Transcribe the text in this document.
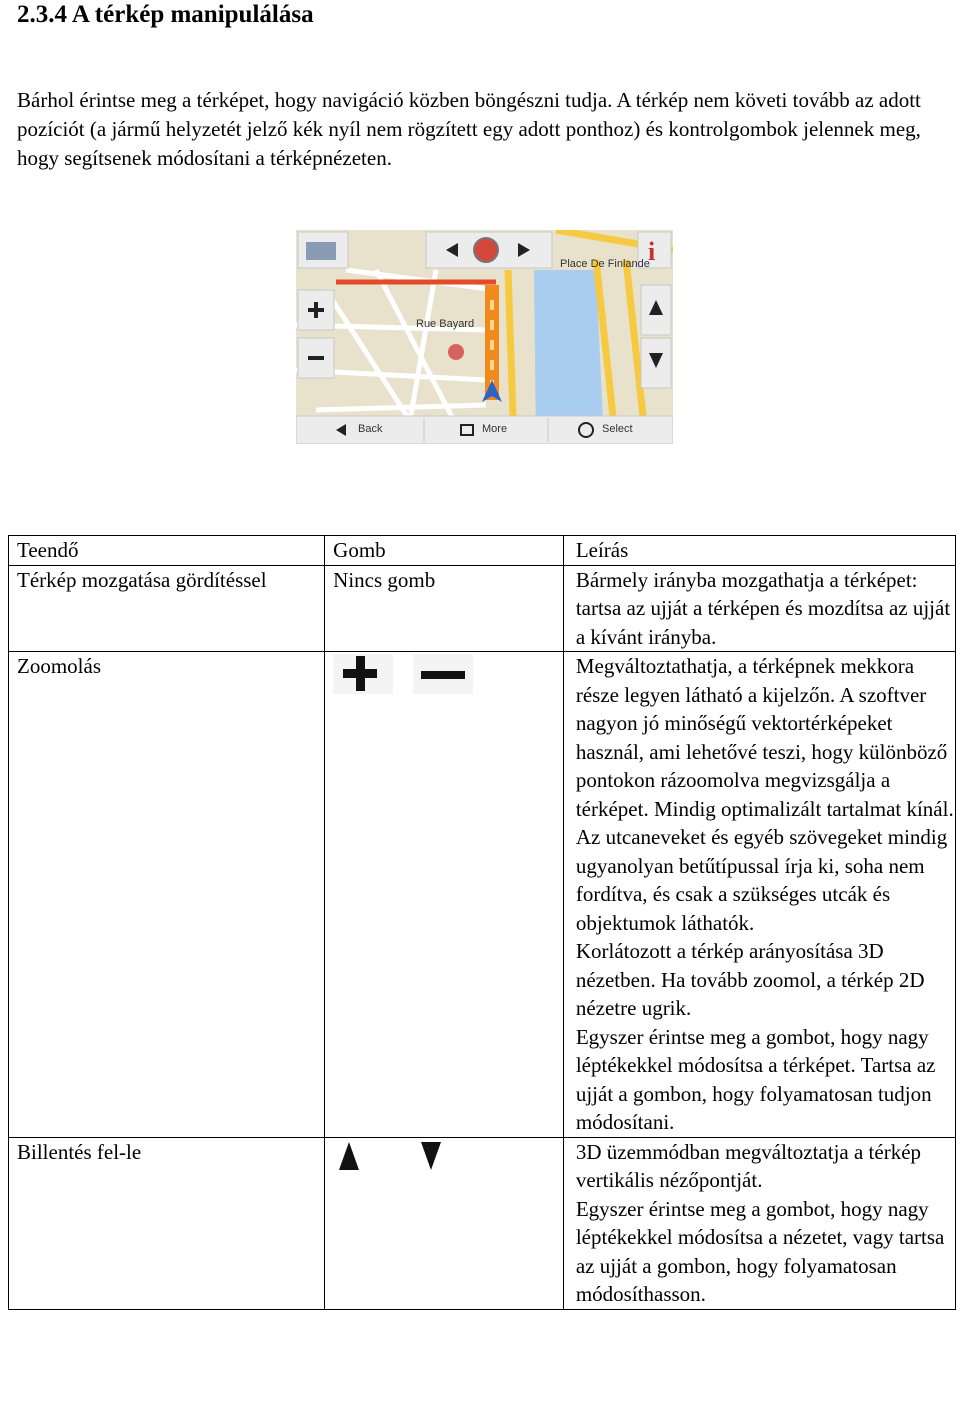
2.3.4 A térkép manipulálása

Bárhol érintse meg a térképet, hogy navigáció közben böngészni tudja. A térkép nem követi tovább az adott pozíciót (a jármű helyzetét jelző kék nyíl nem rögzített egy adott ponthoz) és kontrolgombok jelennek meg, hogy segítsenek módosítani a térképnézeten.

i
Place De Finlande
Rue Bayard
Back	More	Select
Teendő	Gomb	Leírás
Térkép mozgatása gördítéssel	Nincs gomb	Bármely irányba mozgathatja a térképet: tartsa az ujját a térképen és mozdítsa az ujját a kívánt irányba.

Zoomolás		Megváltoztathatja, a térképnek mekkora része legyen látható a kijelzőn. A szoftver nagyon jó minőségű vektortérképeket használ, ami lehetővé teszi, hogy különböző pontokon rázoomolva megvizsgálja a térképet. Mindig optimalizált tartalmat kínál. Az utcaneveket és egyéb szövegeket mindig ugyanolyan betűtípussal írja ki, soha nem fordítva, és csak a szükséges utcák és objektumok láthatók.

Korlátozott a térkép arányosítása 3D nézetben. Ha tovább zoomol, a térkép 2D nézetre ugrik.

Egyszer érintse meg a gombot, hogy nagy léptékekkel módosítsa a térképet. Tartsa az ujját a gombon, hogy folyamatosan tudjon módosítani.

Billentés fel-le		3D üzemmódban megváltoztatja a térkép vertikális nézőpontját.

Egyszer érintse meg a gombot, hogy nagy léptékekkel módosítsa a nézetet, vagy tartsa az ujját a gombon, hogy folyamatosan módosíthasson.
